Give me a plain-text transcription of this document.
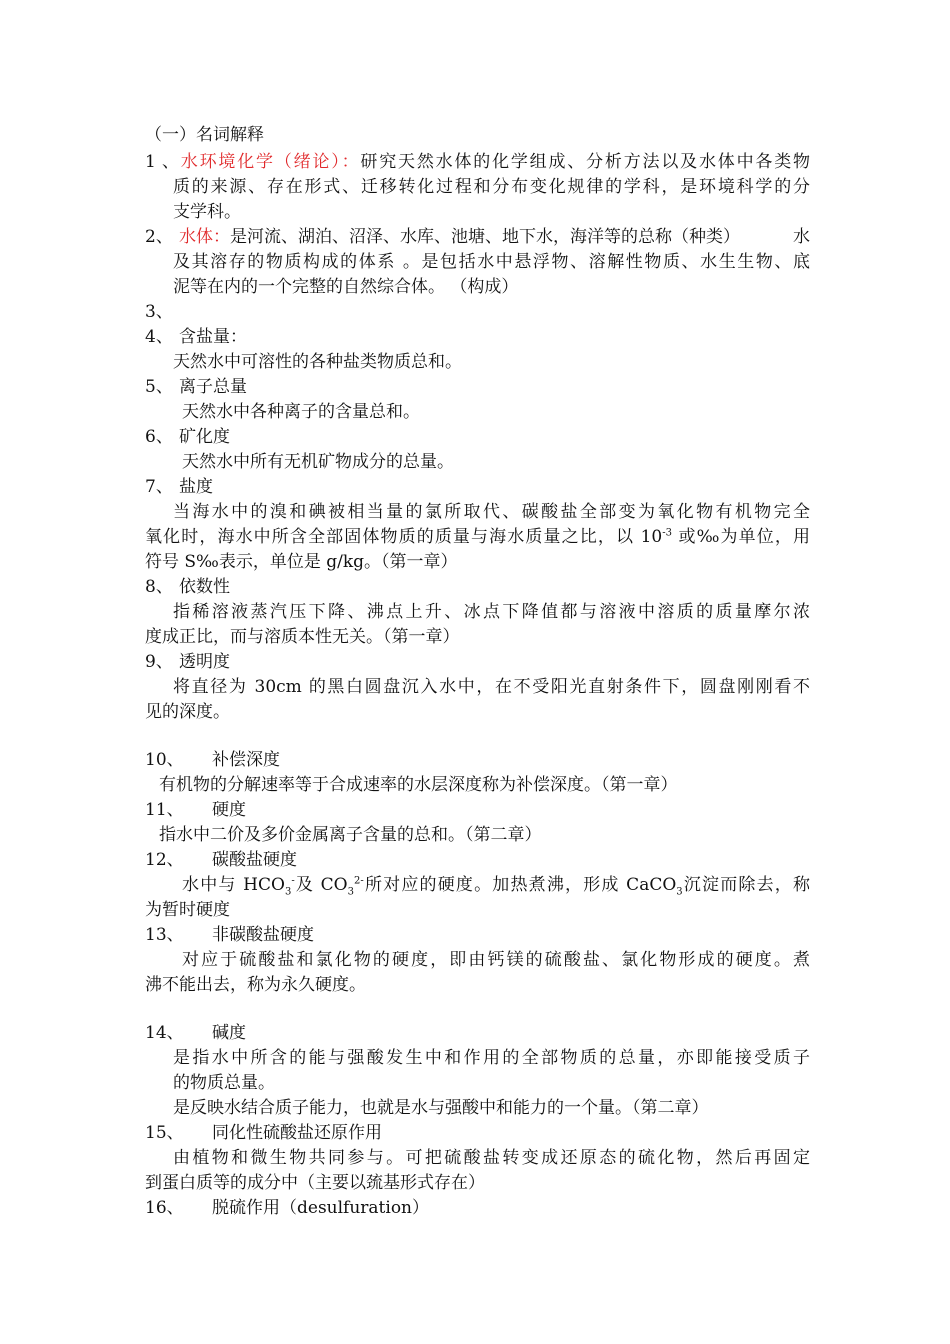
（一）名词解释
1、水环境化学（绪论）：研究天然水体的化学组成、分析方法以及水体中各类物
质的来源、存在形式、迁移转化过程和分布变化规律的学科，是环境科学的分
支学科。
2、 水体：是河流、湖泊、沼泽、水库、池塘、地下水，海洋等的总称（种类）	水
及其溶存的物质构成的体系 。是包括水中悬浮物、溶解性物质、水生生物、底
泥等在内的一个完整的自然综合体。 （构成）
3、
4、 含盐量：
天然水中可溶性的各种盐类物质总和。
5、 离子总量
天然水中各种离子的含量总和。
6、 矿化度
天然水中所有无机矿物成分的总量。
7、 盐度
当海水中的溴和碘被相当量的氯所取代、碳酸盐全部变为氧化物有机物完全
氧化时，海水中所含全部固体物质的质量与海水质量之比，以 $10^{-3}$ 或‰为单位，用
符号 S‰表示，单位是 g/kg。（第一章）
8、 依数性
指稀溶液蒸汽压下降、沸点上升、冰点下降值都与溶液中溶质的质量摩尔浓
度成正比，而与溶质本性无关。（第一章）
9、 透明度
将直径为 30cm 的黑白圆盘沉入水中，在不受阳光直射条件下，圆盘刚刚看不
见的深度。
10、 补偿深度
有机物的分解速率等于合成速率的水层深度称为补偿深度。（第一章）
11、 硬度
指水中二价及多价金属离子含量的总和。（第二章）
12、 碳酸盐硬度
水中与 $HCO_3^-$及 $CO_3^{2-}$所对应的硬度。加热煮沸，形成 CaCO$_3$沉淀而除去，称
为暂时硬度
13、 非碳酸盐硬度
对应于硫酸盐和氯化物的硬度，即由钙镁的硫酸盐、氯化物形成的硬度。煮
沸不能出去，称为永久硬度。
14、 碱度
是指水中所含的能与强酸发生中和作用的全部物质的总量，亦即能接受质子
的物质总量。
是反映水结合质子能力，也就是水与强酸中和能力的一个量。（第二章）
15、 同化性硫酸盐还原作用
由植物和微生物共同参与。可把硫酸盐转变成还原态的硫化物，然后再固定
到蛋白质等的成分中（主要以巯基形式存在）
16、 脱硫作用（desulfuration）
